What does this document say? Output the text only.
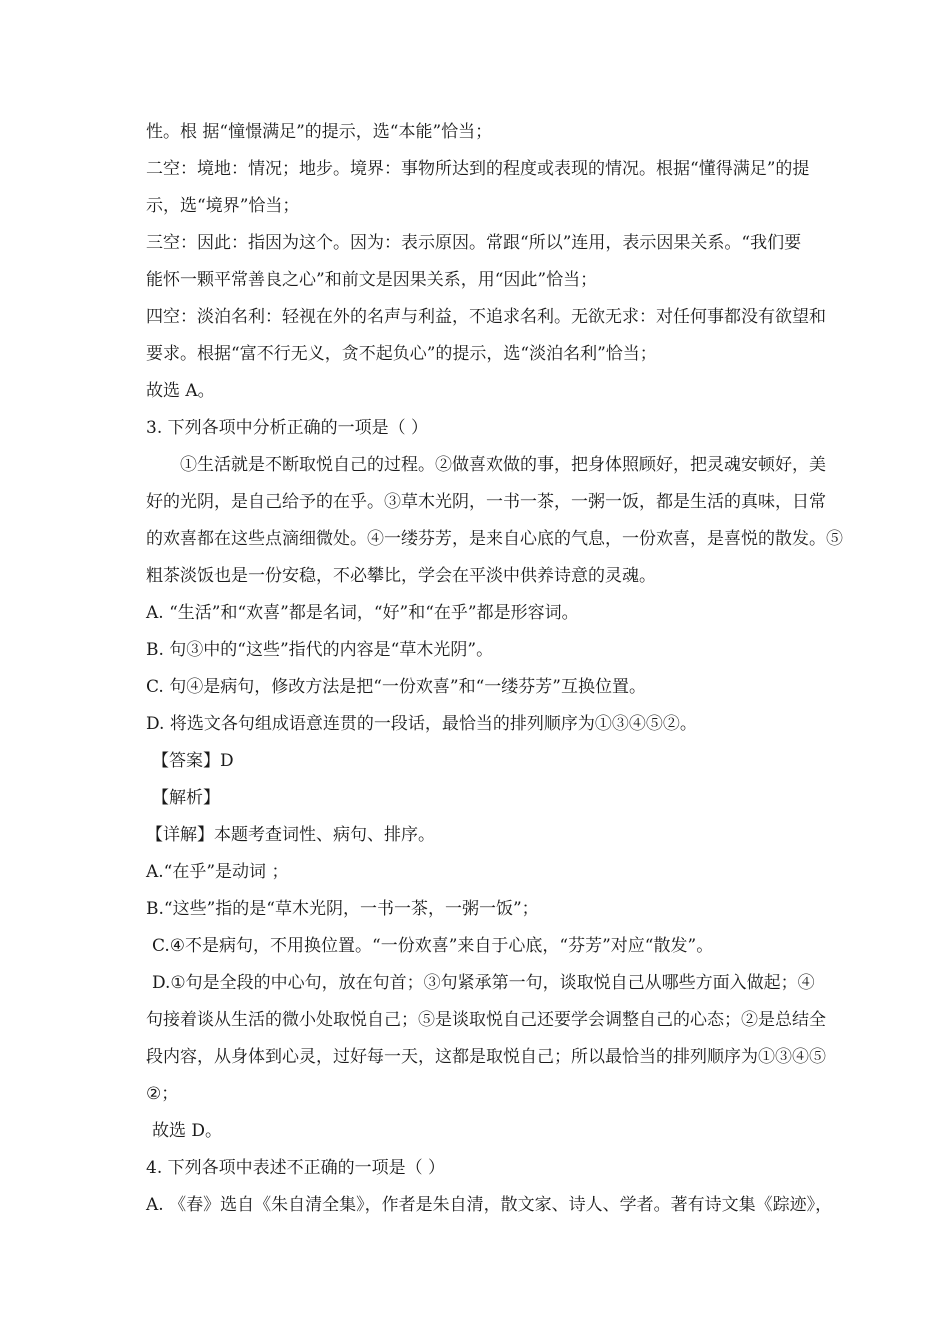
性。根 据“憧憬满足”的提示，选“本能”恰当；
二空：境地：情况；地步。境界：事物所达到的程度或表现的情况。根据“懂得满足”的提
示，选“境界”恰当；
三空：因此：指因为这个。因为：表示原因。常跟“所以”连用，表示因果关系。“我们要
能怀一颗平常善良之心”和前文是因果关系，用“因此”恰当；
四空：淡泊名利：轻视在外的名声与利益，不追求名利。无欲无求：对任何事都没有欲望和
要求。根据“富不行无义，贪不起负心”的提示，选“淡泊名利”恰当；
故选 A。
3. 下列各项中分析正确的一项是（ ）
①生活就是不断取悦自己的过程。②做喜欢做的事，把身体照顾好，把灵魂安顿好，美
好的光阴，是自己给予的在乎。③草木光阴，一书一茶，一粥一饭，都是生活的真味，日常
的欢喜都在这些点滴细微处。④一缕芬芳，是来自心底的气息，一份欢喜，是喜悦的散发。⑤
粗茶淡饭也是一份安稳，不必攀比，学会在平淡中供养诗意的灵魂。
A. “生活”和“欢喜”都是名词，“好”和“在乎”都是形容词。
B. 句③中的“这些”指代的内容是“草木光阴”。
C. 句④是病句，修改方法是把“一份欢喜”和“一缕芬芳”互换位置。
D. 将选文各句组成语意连贯的一段话，最恰当的排列顺序为①③④⑤②。
【答案】D
【解析】
【详解】本题考查词性、病句、排序。
A.“在乎”是动词 ；
B.“这些”指的是“草木光阴，一书一茶，一粥一饭”；
C.④不是病句，不用换位置。“一份欢喜”来自于心底，“芬芳”对应“散发”。
D.①句是全段的中心句，放在句首；③句紧承第一句，谈取悦自己从哪些方面入做起；④
句接着谈从生活的微小处取悦自己；⑤是谈取悦自己还要学会调整自己的心态；②是总结全
段内容，从身体到心灵，过好每一天，这都是取悦自己；所以最恰当的排列顺序为①③④⑤
②；
故选 D。
4. 下列各项中表述不正确的一项是（ ）
A. 《春》选自《朱自清全集》，作者是朱自清，散文家、诗人、学者。著有诗文集《踪迹》，
